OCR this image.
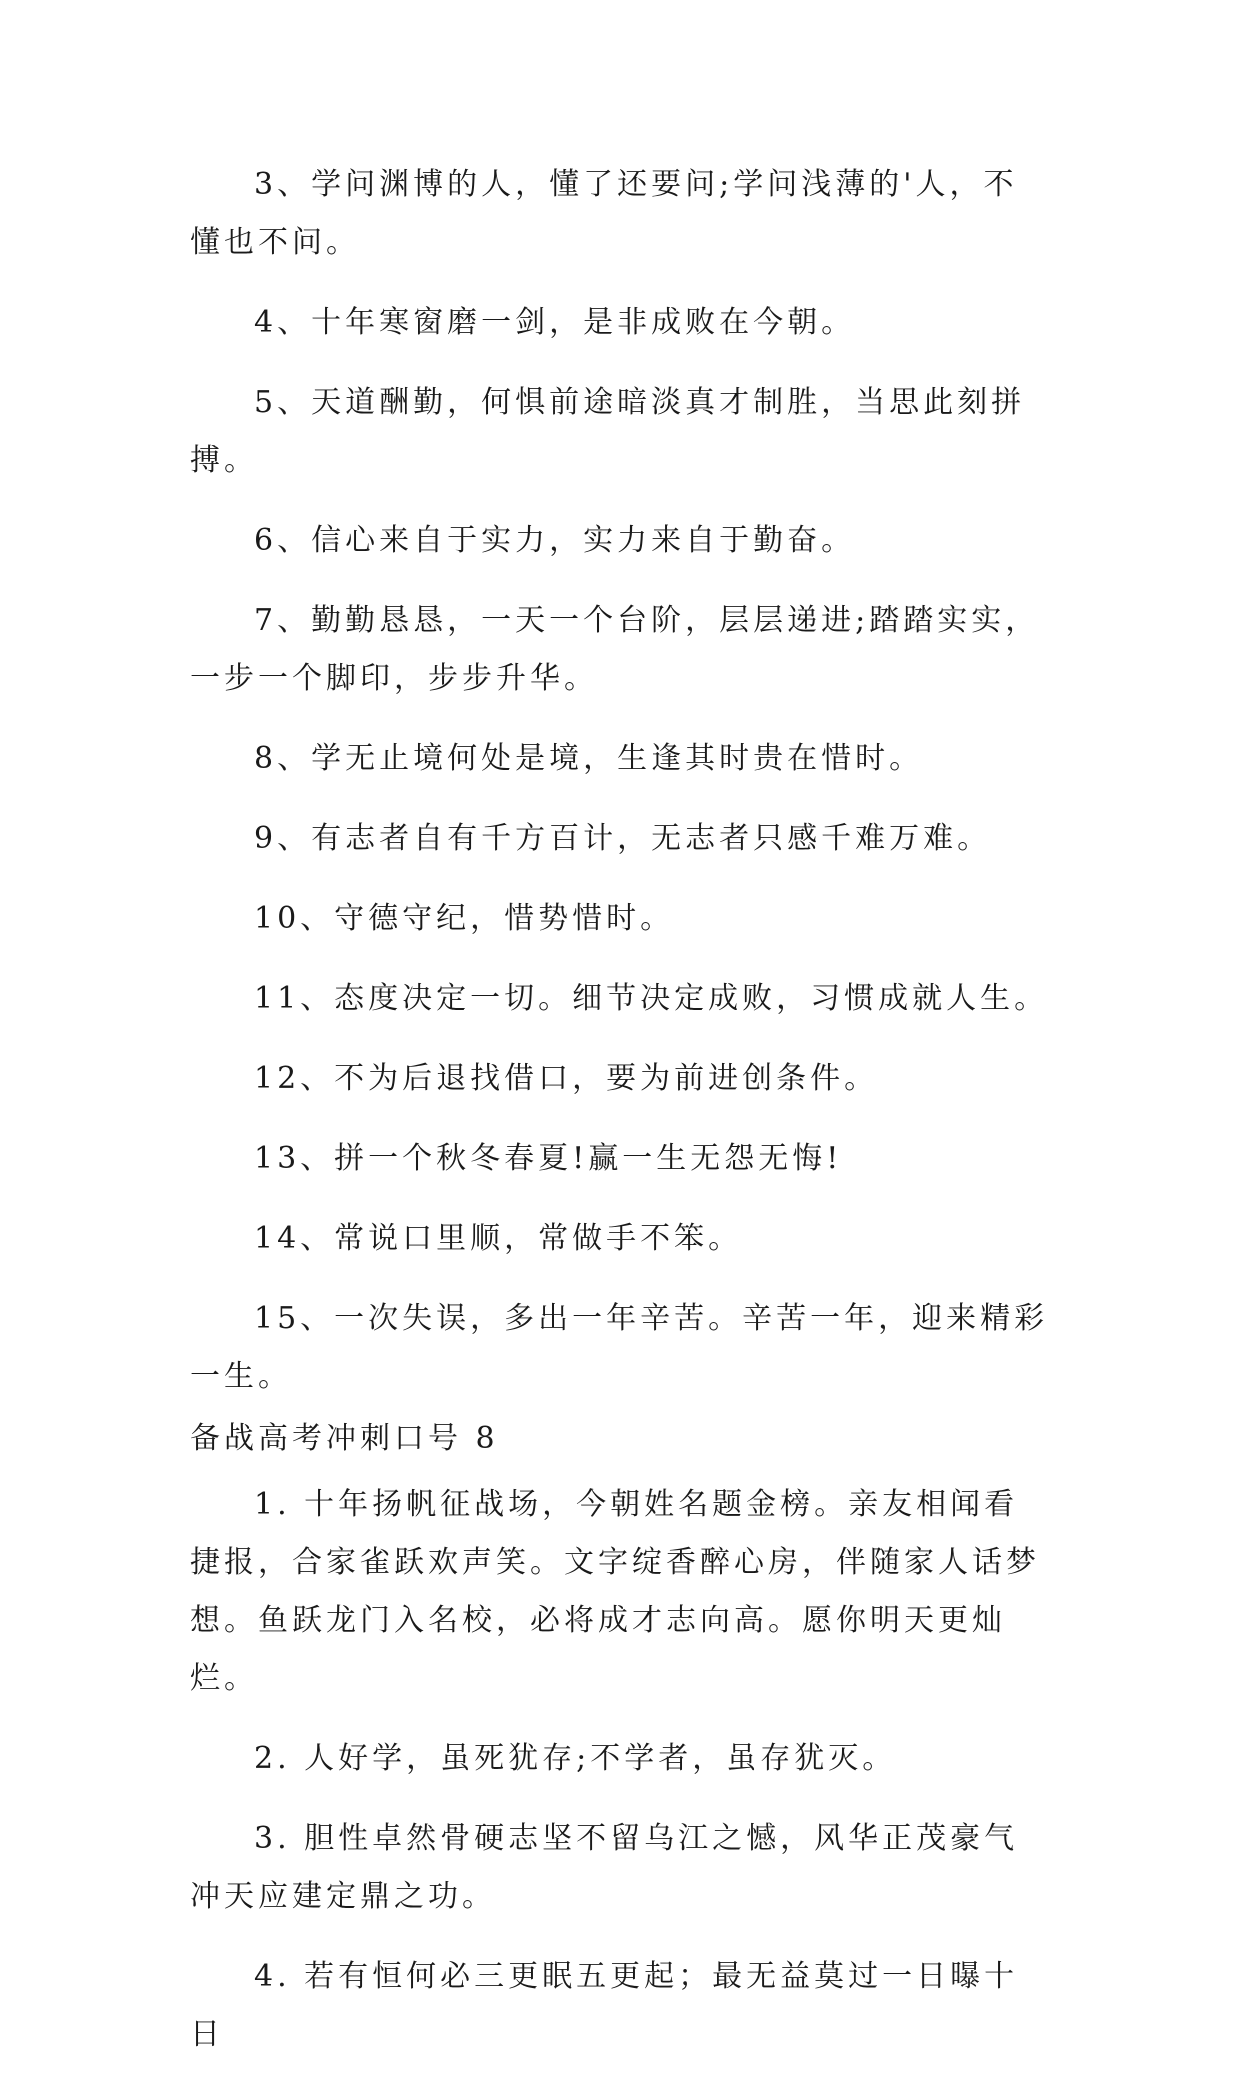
3、学问渊博的人，懂了还要问;学问浅薄的'人，不懂也不问。

4、十年寒窗磨一剑，是非成败在今朝。

5、天道酬勤，何惧前途暗淡真才制胜，当思此刻拼搏。

6、信心来自于实力，实力来自于勤奋。

7、勤勤恳恳，一天一个台阶，层层递进;踏踏实实，一步一个脚印，步步升华。

8、学无止境何处是境，生逢其时贵在惜时。

9、有志者自有千方百计，无志者只感千难万难。

10、守德守纪，惜势惜时。

11、态度决定一切。细节决定成败，习惯成就人生。

12、不为后退找借口，要为前进创条件。

13、拼一个秋冬春夏!赢一生无怨无悔!

14、常说口里顺，常做手不笨。

15、一次失误，多出一年辛苦。辛苦一年，迎来精彩一生。

备战高考冲刺口号 8

1. 十年扬帆征战场，今朝姓名题金榜。亲友相闻看捷报，合家雀跃欢声笑。文字绽香醉心房，伴随家人话梦想。鱼跃龙门入名校，必将成才志向高。愿你明天更灿烂。

2. 人好学，虽死犹存;不学者，虽存犹灭。

3. 胆性卓然骨硬志坚不留乌江之憾，风华正茂豪气冲天应建定鼎之功。

4. 若有恒何必三更眠五更起；最无益莫过一日曝十日
